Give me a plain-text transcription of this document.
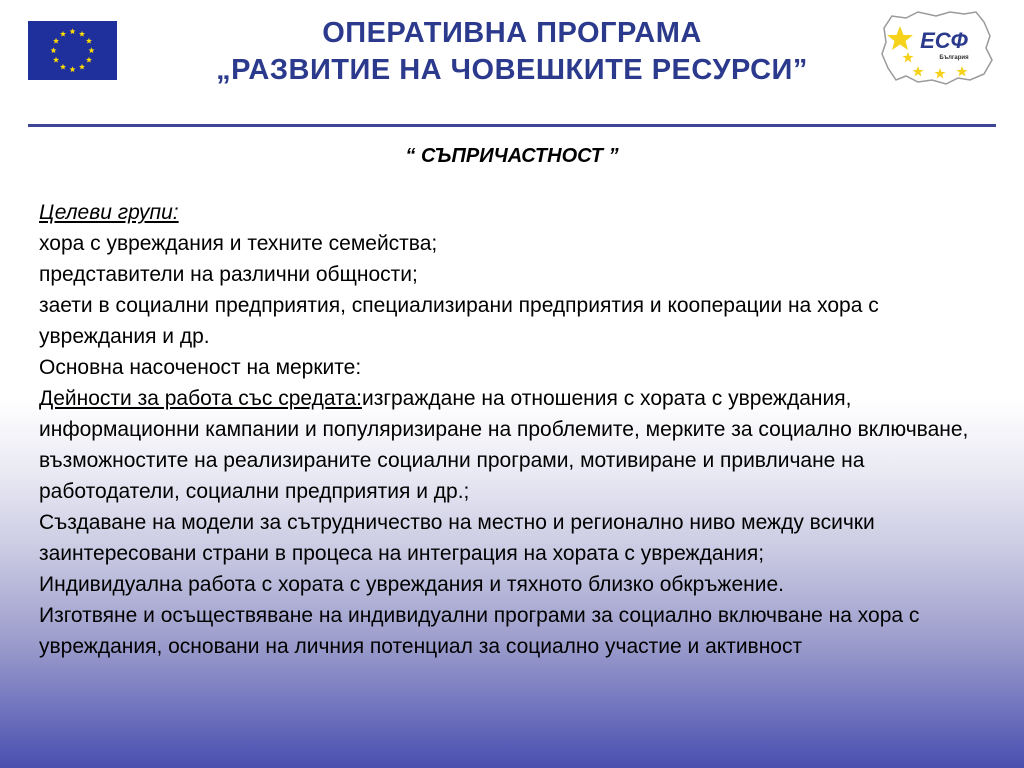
ОПЕРАТИВНА ПРОГРАМА
„РАЗВИТИЕ НА ЧОВЕШКИТЕ РЕСУРСИ”
ЕСФ
България
“ СЪПРИЧАСТНОСТ ”

Целеви групи:

хора с увреждания и техните семейства;

представители на различни общности;

заети в социални предприятия, специализирани предприятия и кооперации на хора с увреждания и др.

Основна насоченост на мерките:

Дейности за работа със средата:изграждане на отношения с хората с увреждания, информационни кампании и популяризиране на проблемите, мерките за социално включване, възможностите на реализираните социални програми, мотивиране и привличане на работодатели, социални предприятия и др.;

Създаване на модели за сътрудничество на местно и регионално ниво между всички заинтересовани страни в процеса на интеграция на хората с увреждания;

Индивидуална работа с хората с увреждания и тяхното близко обкръжение.

Изготвяне и осъществяване на индивидуални програми за социално включване на хора с увреждания, основани на личния потенциал за социално участие и активност
